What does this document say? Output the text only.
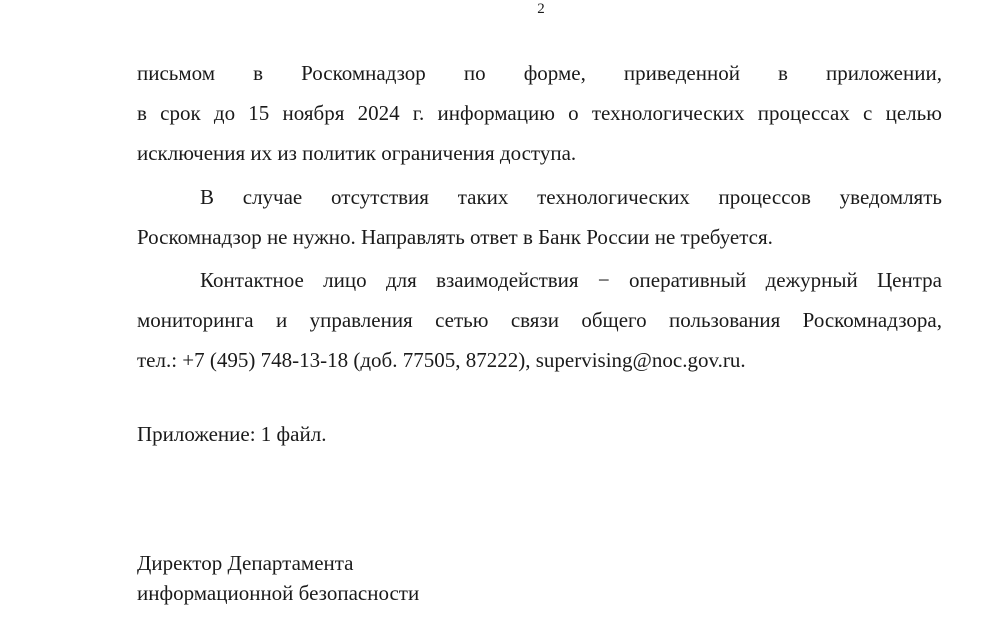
2
письмом в Роскомнадзор по форме, приведенной в приложении,
в срок до 15 ноября 2024 г. информацию о технологических процессах с целью
исключения их из политик ограничения доступа.
В случае отсутствия таких технологических процессов уведомлять
Роскомнадзор не нужно. Направлять ответ в Банк России не требуется.
Контактное лицо для взаимодействия − оперативный дежурный Центра
мониторинга и управления сетью связи общего пользования Роскомнадзора,
тел.: +7 (495) 748-13-18 (доб. 77505, 87222), supervising@noc.gov.ru.
Приложение: 1 файл.
Директор Департамента
информационной безопасности
